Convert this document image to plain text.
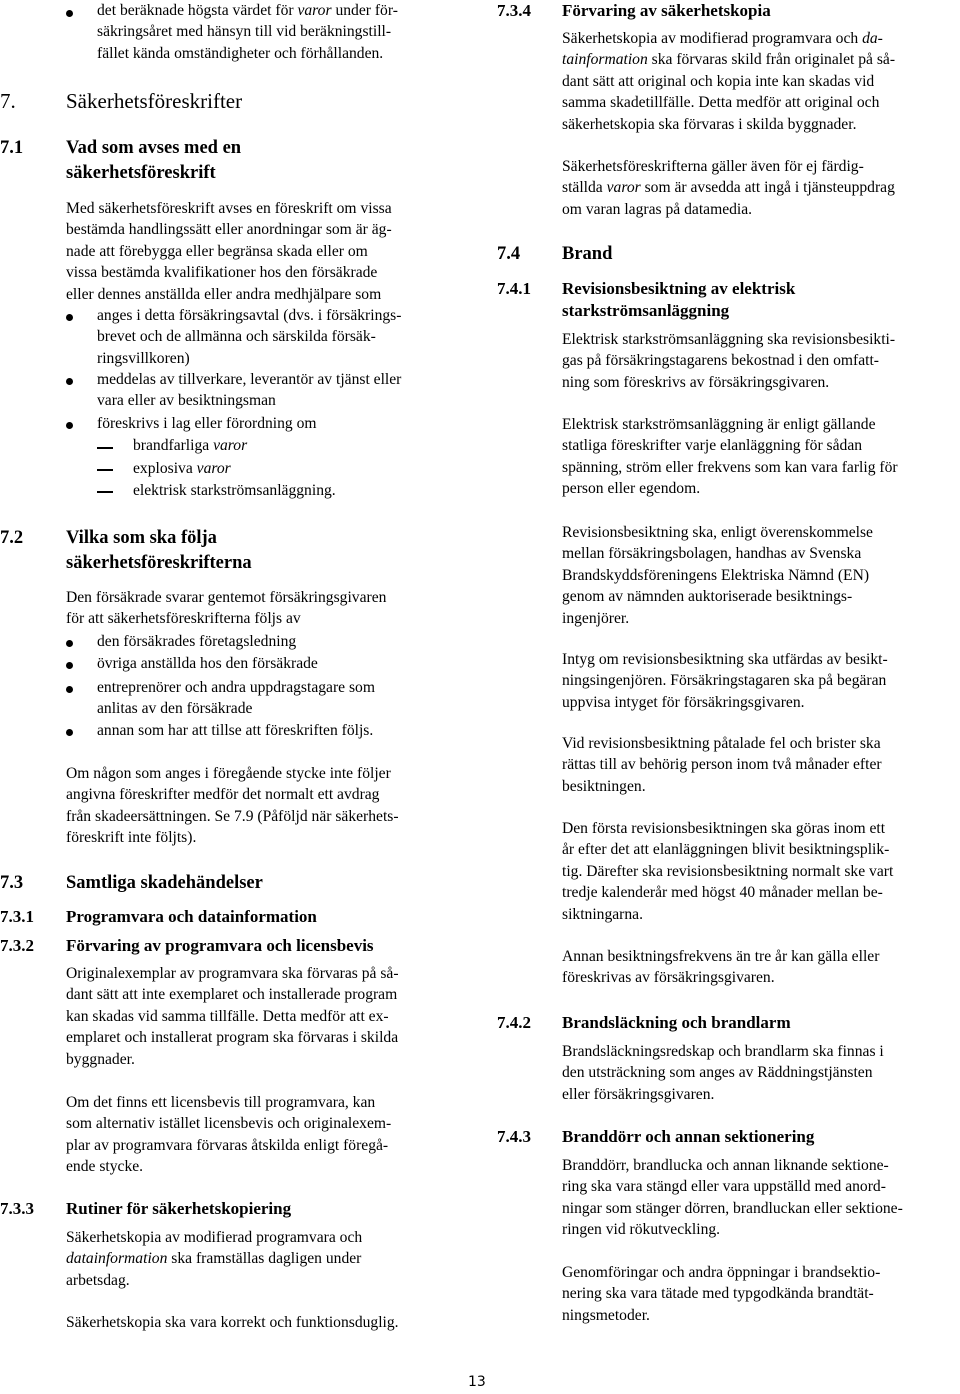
det beräknade högsta värdet för varor under för-
säkringsåret med hänsyn till vid beräkningstill-
fället kända omständigheter och förhållanden.
7. Säkerhetsföreskrifter
7.1 Vad som avses med en
säkerhetsföreskrift
Med säkerhetsföreskrift avses en föreskrift om vissa
bestämda handlingssätt eller anordningar som är äg-
nade att förebygga eller begränsa skada eller om
vissa bestämda kvalifikationer hos den försäkrade
eller dennes anställda eller andra medhjälpare som
anges i detta försäkringsavtal (dvs. i försäkrings-
brevet och de allmänna och särskilda försäk-
ringsvillkoren)
meddelas av tillverkare, leverantör av tjänst eller
vara eller av besiktningsman
föreskrivs i lag eller förordning om
brandfarliga varor
explosiva varor
elektrisk starkströmsanläggning.
7.2 Vilka som ska följa
säkerhetsföreskrifterna
Den försäkrade svarar gentemot försäkringsgivaren
för att säkerhetsföreskrifterna följs av
den försäkrades företagsledning
övriga anställda hos den försäkrade
entreprenörer och andra uppdragstagare som
anlitas av den försäkrade
annan som har att tillse att föreskriften följs.
Om någon som anges i föregående stycke inte följer
angivna föreskrifter medför det normalt ett avdrag
från skadeersättningen. Se 7.9 (Påföljd när säkerhets-
föreskrift inte följts).
7.3 Samtliga skadehändelser
7.3.1 Programvara och datainformation
7.3.2 Förvaring av programvara och licensbevis
Originalexemplar av programvara ska förvaras på så-
dant sätt att inte exemplaret och installerade program
kan skadas vid samma tillfälle. Detta medför att ex-
emplaret och installerat program ska förvaras i skilda
byggnader.
Om det finns ett licensbevis till programvara, kan
som alternativ istället licensbevis och originalexem-
plar av programvara förvaras åtskilda enligt föregå-
ende stycke.
7.3.3 Rutiner för säkerhetskopiering
Säkerhetskopia av modifierad programvara och
datainformation ska framställas dagligen under
arbetsdag.
Säkerhetskopia ska vara korrekt och funktionsduglig.
7.3.4 Förvaring av säkerhetskopia
Säkerhetskopia av modifierad programvara och da-
tainformation ska förvaras skild från originalet på så-
dant sätt att original och kopia inte kan skadas vid
samma skadetillfälle. Detta medför att original och
säkerhetskopia ska förvaras i skilda byggnader.
Säkerhetsföreskrifterna gäller även för ej färdig-
ställda varor som är avsedda att ingå i tjänsteuppdrag
om varan lagras på datamedia.
7.4 Brand
7.4.1 Revisionsbesiktning av elektrisk
starkströmsanläggning
Elektrisk starkströmsanläggning ska revisionsbesikti-
gas på försäkringstagarens bekostnad i den omfatt-
ning som föreskrivs av försäkringsgivaren.
Elektrisk starkströmsanläggning är enligt gällande
statliga föreskrifter varje elanläggning för sådan
spänning, ström eller frekvens som kan vara farlig för
person eller egendom.
Revisionsbesiktning ska, enligt överenskommelse
mellan försäkringsbolagen, handhas av Svenska
Brandskyddsföreningens Elektriska Nämnd (EN)
genom av nämnden auktoriserade besiktnings-
ingenjörer.
Intyg om revisionsbesiktning ska utfärdas av besikt-
ningsingenjören. Försäkringstagaren ska på begäran
uppvisa intyget för försäkringsgivaren.
Vid revisionsbesiktning påtalade fel och brister ska
rättas till av behörig person inom två månader efter
besiktningen.
Den första revisionsbesiktningen ska göras inom ett
år efter det att elanläggningen blivit besiktningsplik-
tig. Därefter ska revisionsbesiktning normalt ske vart
tredje kalenderår med högst 40 månader mellan be-
siktningarna.
Annan besiktningsfrekvens än tre år kan gälla eller
föreskrivas av försäkringsgivaren.
7.4.2 Brandsläckning och brandlarm
Brandsläckningsredskap och brandlarm ska finnas i
den utsträckning som anges av Räddningstjänsten
eller försäkringsgivaren.
7.4.3 Branddörr och annan sektionering
Branddörr, brandlucka och annan liknande sektione-
ring ska vara stängd eller vara uppställd med anord-
ningar som stänger dörren, brandluckan eller sektione-
ringen vid rökutveckling.
Genomföringar och andra öppningar i brandsektio-
nering ska vara tätade med typgodkända brandtät-
ningsmetoder.
13
